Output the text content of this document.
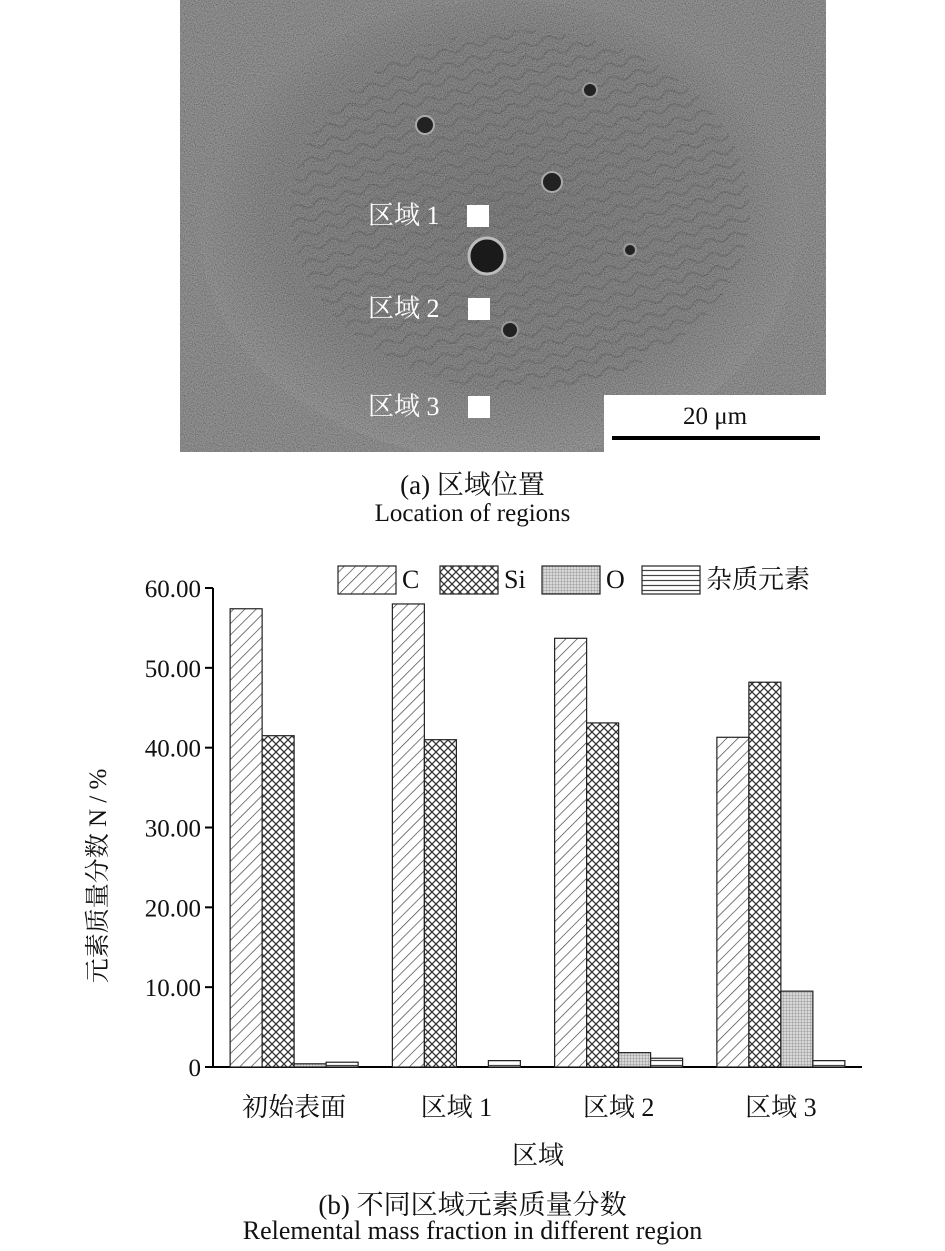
区域 1
区域 2
区域 3	20 μm
(a) 区域位置
Location of regions
C	Si	O	杂质元素
元素质量分数 N / %
0
10.00
20.00
30.00
40.00
50.00
60.00
初始表面	区域 1	区域 2	区域 3
区域
(b) 不同区域元素质量分数
Relemental mass fraction in different region
